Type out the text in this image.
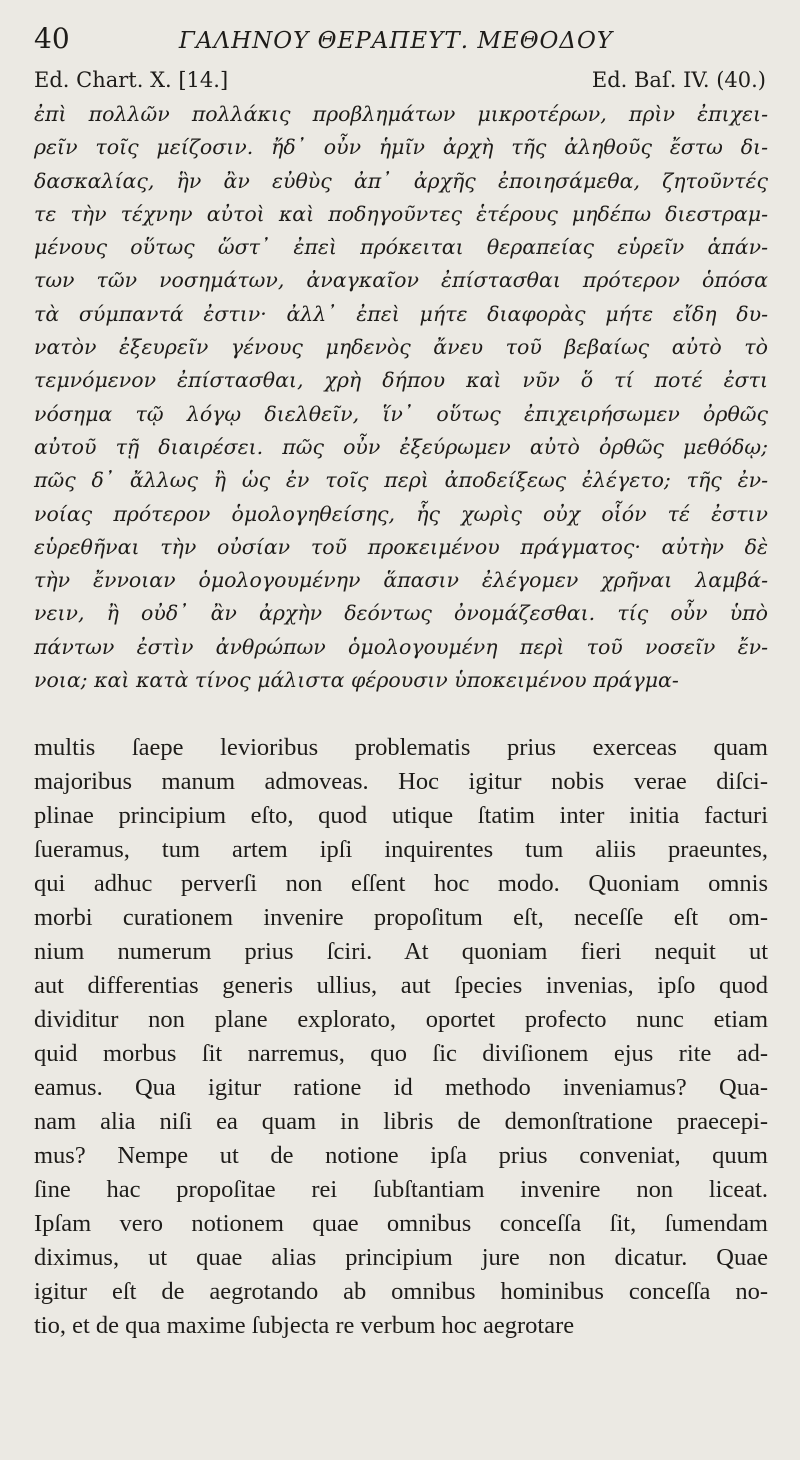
40	ΓΑΛΗΝΟΥ ΘΕΡΑΠΕΥΤ. ΜΕΘΟΔΟΥ
Ed. Chart. X. [14.]	Ed. Baſ. IV. (40.)
ἐπὶ πολλῶν πολλάκις προβλημάτων μικροτέρων, πρὶν ἐπιχει-
ρεῖν τοῖς μείζοσιν. ἤδ᾽ οὖν ἡμῖν ἀρχὴ τῆς ἀληθοῦς ἔστω δι-
δασκαλίας, ἣν ἂν εὐθὺς ἀπ᾽ ἀρχῆς ἐποιησάμεθα, ζητοῦντές
τε τὴν τέχνην αὐτοὶ καὶ ποδηγοῦντες ἑτέρους μηδέπω διεστραμ-
μένους οὕτως ὥστ᾽ ἐπεὶ πρόκειται θεραπείας εὑρεῖν ἁπάν-
των τῶν νοσημάτων, ἀναγκαῖον ἐπίστασθαι πρότερον ὁπόσα
τὰ σύμπαντά ἐστιν· ἀλλ᾽ ἐπεὶ μήτε διαφορὰς μήτε εἴδη δυ-
νατὸν ἐξευρεῖν γένους μηδενὸς ἄνευ τοῦ βεβαίως αὐτὸ τὸ
τεμνόμενον ἐπίστασθαι, χρὴ δήπου καὶ νῦν ὅ τί ποτέ ἐστι
νόσημα τῷ λόγῳ διελθεῖν, ἵν᾽ οὕτως ἐπιχειρήσωμεν ὀρθῶς
αὐτοῦ τῇ διαιρέσει. πῶς οὖν ἐξεύρωμεν αὐτὸ ὀρθῶς μεθόδῳ;
πῶς δ᾽ ἄλλως ἢ ὡς ἐν τοῖς περὶ ἀποδείξεως ἐλέγετο; τῆς ἐν-
νοίας πρότερον ὁμολογηθείσης, ἧς χωρὶς οὐχ οἷόν τέ ἐστιν
εὑρεθῆναι τὴν οὐσίαν τοῦ προκειμένου πράγματος· αὐτὴν δὲ
τὴν ἔννοιαν ὁμολογουμένην ἅπασιν ἐλέγομεν χρῆναι λαμβά-
νειν, ἢ οὐδ᾽ ἂν ἀρχὴν δεόντως ὀνομάζεσθαι. τίς οὖν ὑπὸ
πάντων ἐστὶν ἀνθρώπων ὁμολογουμένη περὶ τοῦ νοσεῖν ἔν-
νοια; καὶ κατὰ τίνος μάλιστα φέρουσιν ὑποκειμένου πράγμα-
multis ſaepe levioribus problematis prius exerceas quam
majoribus manum admoveas. Hoc igitur nobis verae diſci-
plinae principium eſto, quod utique ſtatim inter initia facturi
ſueramus, tum artem ipſi inquirentes tum aliis praeuntes,
qui adhuc perverſi non eſſent hoc modo. Quoniam omnis
morbi curationem invenire propoſitum eſt, neceſſe eſt om-
nium numerum prius ſciri. At quoniam fieri nequit ut
aut differentias generis ullius, aut ſpecies invenias, ipſo quod
dividitur non plane explorato, oportet profecto nunc etiam
quid morbus ſit narremus, quo ſic diviſionem ejus rite ad-
eamus. Qua igitur ratione id methodo inveniamus? Qua-
nam alia niſi ea quam in libris de demonſtratione praecepi-
mus? Nempe ut de notione ipſa prius conveniat, quum
ſine hac propoſitae rei ſubſtantiam invenire non liceat.
Ipſam vero notionem quae omnibus conceſſa ſit, ſumendam
diximus, ut quae alias principium jure non dicatur. Quae
igitur eſt de aegrotando ab omnibus hominibus conceſſa no-
tio, et de qua maxime ſubjecta re verbum hoc aegrotare
